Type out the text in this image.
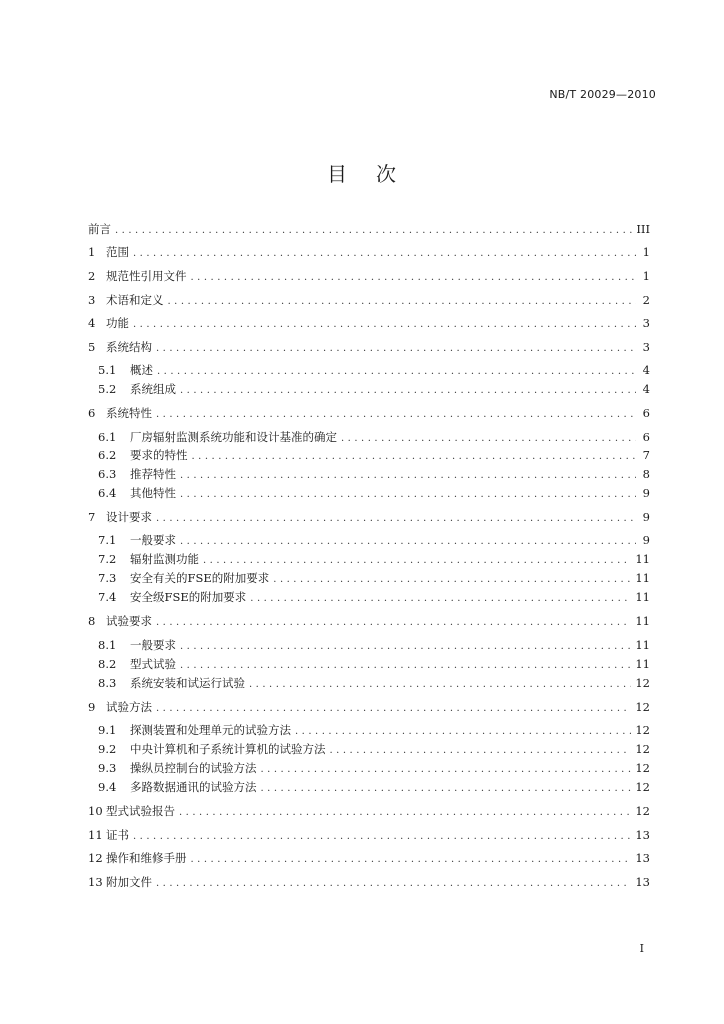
NB/T 20029—2010
目 次
前言 .....	III
1 范围 .....	1
2 规范性引用文件 .....	1
3 术语和定义 .....	2
4 功能 .....	3
5 系统结构 .....	3
5.1	概述 .....	4
5.2	系统组成 .....	4
6 系统特性 .....	6
6.1	厂房辐射监测系统功能和设计基准的确定 .....	6
6.2	要求的特性 .....	7
6.3	推荐特性 .....	8
6.4	其他特性 .....	9
7 设计要求 .....	9
7.1	一般要求 .....	9
7.2	辐射监测功能 .....	11
7.3	安全有关的FSE的附加要求 .....	11
7.4	安全级FSE的附加要求 .....	11
8 试验要求 .....	11
8.1	一般要求 .....	11
8.2	型式试验 .....	11
8.3	系统安装和试运行试验 .....	12
9 试验方法 .....	12
9.1	探测装置和处理单元的试验方法 .....	12
9.2	中央计算机和子系统计算机的试验方法 .....	12
9.3	操纵员控制台的试验方法 .....	12
9.4	多路数据通讯的试验方法 .....	12
10 型式试验报告 .....	12
11 证书 .....	13
12 操作和维修手册 .....	13
13 附加文件 .....	13
I
